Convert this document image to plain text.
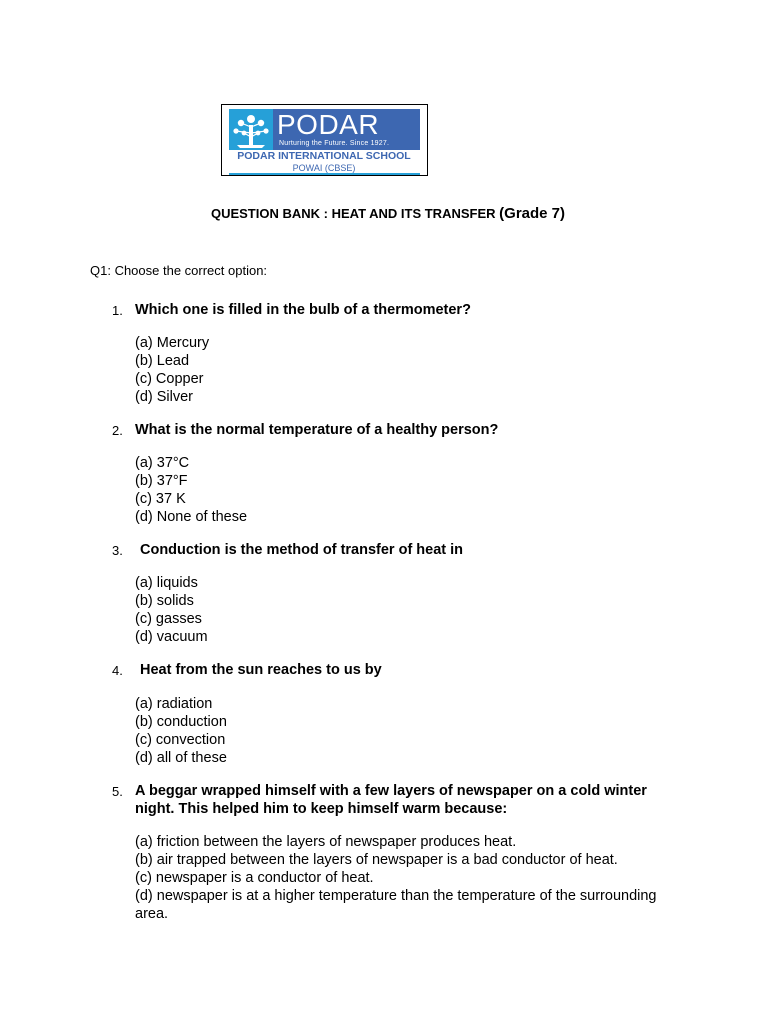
PODAR
Nurturing the Future. Since 1927.
PODAR INTERNATIONAL SCHOOL
POWAI (CBSE)
QUESTION BANK : HEAT AND ITS TRANSFER (Grade 7)
Q1: Choose the correct option:
1. Which one is filled in the bulb of a thermometer?
(a) Mercury
(b) Lead
(c) Copper
(d) Silver
2. What is the normal temperature of a healthy person?
(a) 37°C
(b) 37°F
(c) 37 K
(d) None of these
3. Conduction is the method of transfer of heat in
(a) liquids
(b) solids
(c) gasses
(d) vacuum
4. Heat from the sun reaches to us by
(a) radiation
(b) conduction
(c) convection
(d) all of these
5. A beggar wrapped himself with a few layers of newspaper on a cold winter night. This helped him to keep himself warm because:
(a) friction between the layers of newspaper produces heat.
(b) air trapped between the layers of newspaper is a bad conductor of heat.
(c) newspaper is a conductor of heat.
(d) newspaper is at a higher temperature than the temperature of the surrounding area.
